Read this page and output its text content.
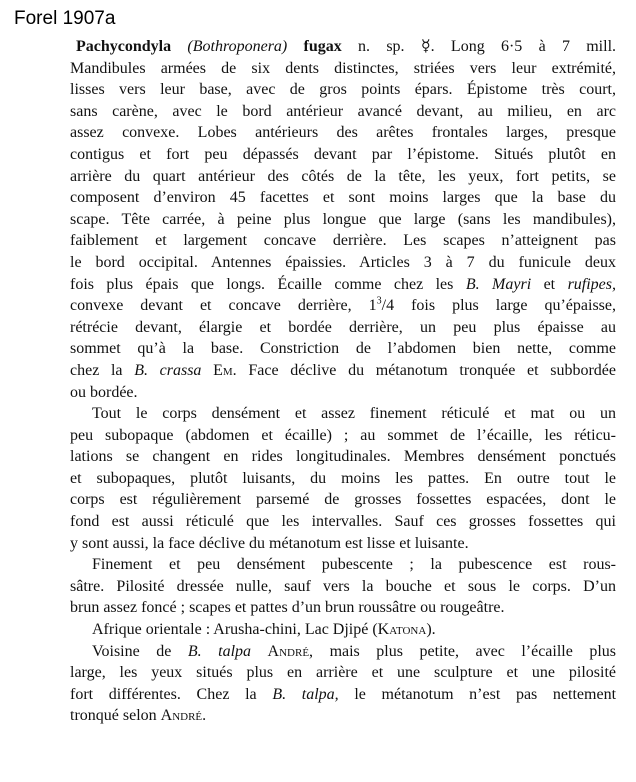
Forel 1907a
Pachycondyla (Bothroponera) fugax n. sp. ☿. Long 6·5 à 7 mill.
Mandibules armées de six dents distinctes, striées vers leur extrémité,
lisses vers leur base, avec de gros points épars. Épistome très court,
sans carène, avec le bord antérieur avancé devant, au milieu, en arc
assez convexe. Lobes antérieurs des arêtes frontales larges, presque
contigus et fort peu dépassés devant par l’épistome. Situés plutôt en
arrière du quart antérieur des côtés de la tête, les yeux, fort petits, se
composent d’environ 45 facettes et sont moins larges que la base du
scape. Tête carrée, à peine plus longue que large (sans les mandibules),
faiblement et largement concave derrière. Les scapes n’atteignent pas
le bord occipital. Antennes épaissies. Articles 3 à 7 du funicule deux
fois plus épais que longs. Écaille comme chez les B. Mayri et rufipes,
convexe devant et concave derrière, $1^3/4$ fois plus large qu’épaisse,
rétrécie devant, élargie et bordée derrière, un peu plus épaisse au
sommet qu’à la base. Constriction de l’abdomen bien nette, comme
chez la B. crassa Em. Face déclive du métanotum tronquée et subbordée
ou bordée.
Tout le corps densément et assez finement réticulé et mat ou un
peu subopaque (abdomen et écaille) ; au sommet de l’écaille, les réticu-
lations se changent en rides longitudinales. Membres densément ponctués
et subopaques, plutôt luisants, du moins les pattes. En outre tout le
corps est régulièrement parsemé de grosses fossettes espacées, dont le
fond est aussi réticulé que les intervalles. Sauf ces grosses fossettes qui
y sont aussi, la face déclive du métanotum est lisse et luisante.
Finement et peu densément pubescente ; la pubescence est rous-
sâtre. Pilosité dressée nulle, sauf vers la bouche et sous le corps. D’un
brun assez foncé ; scapes et pattes d’un brun roussâtre ou rougeâtre.
Afrique orientale : Arusha-chini, Lac Djipé (Katona).
Voisine de B. talpa André, mais plus petite, avec l’écaille plus
large, les yeux situés plus en arrière et une sculpture et une pilosité
fort différentes. Chez la B. talpa, le métanotum n’est pas nettement
tronqué selon André.
